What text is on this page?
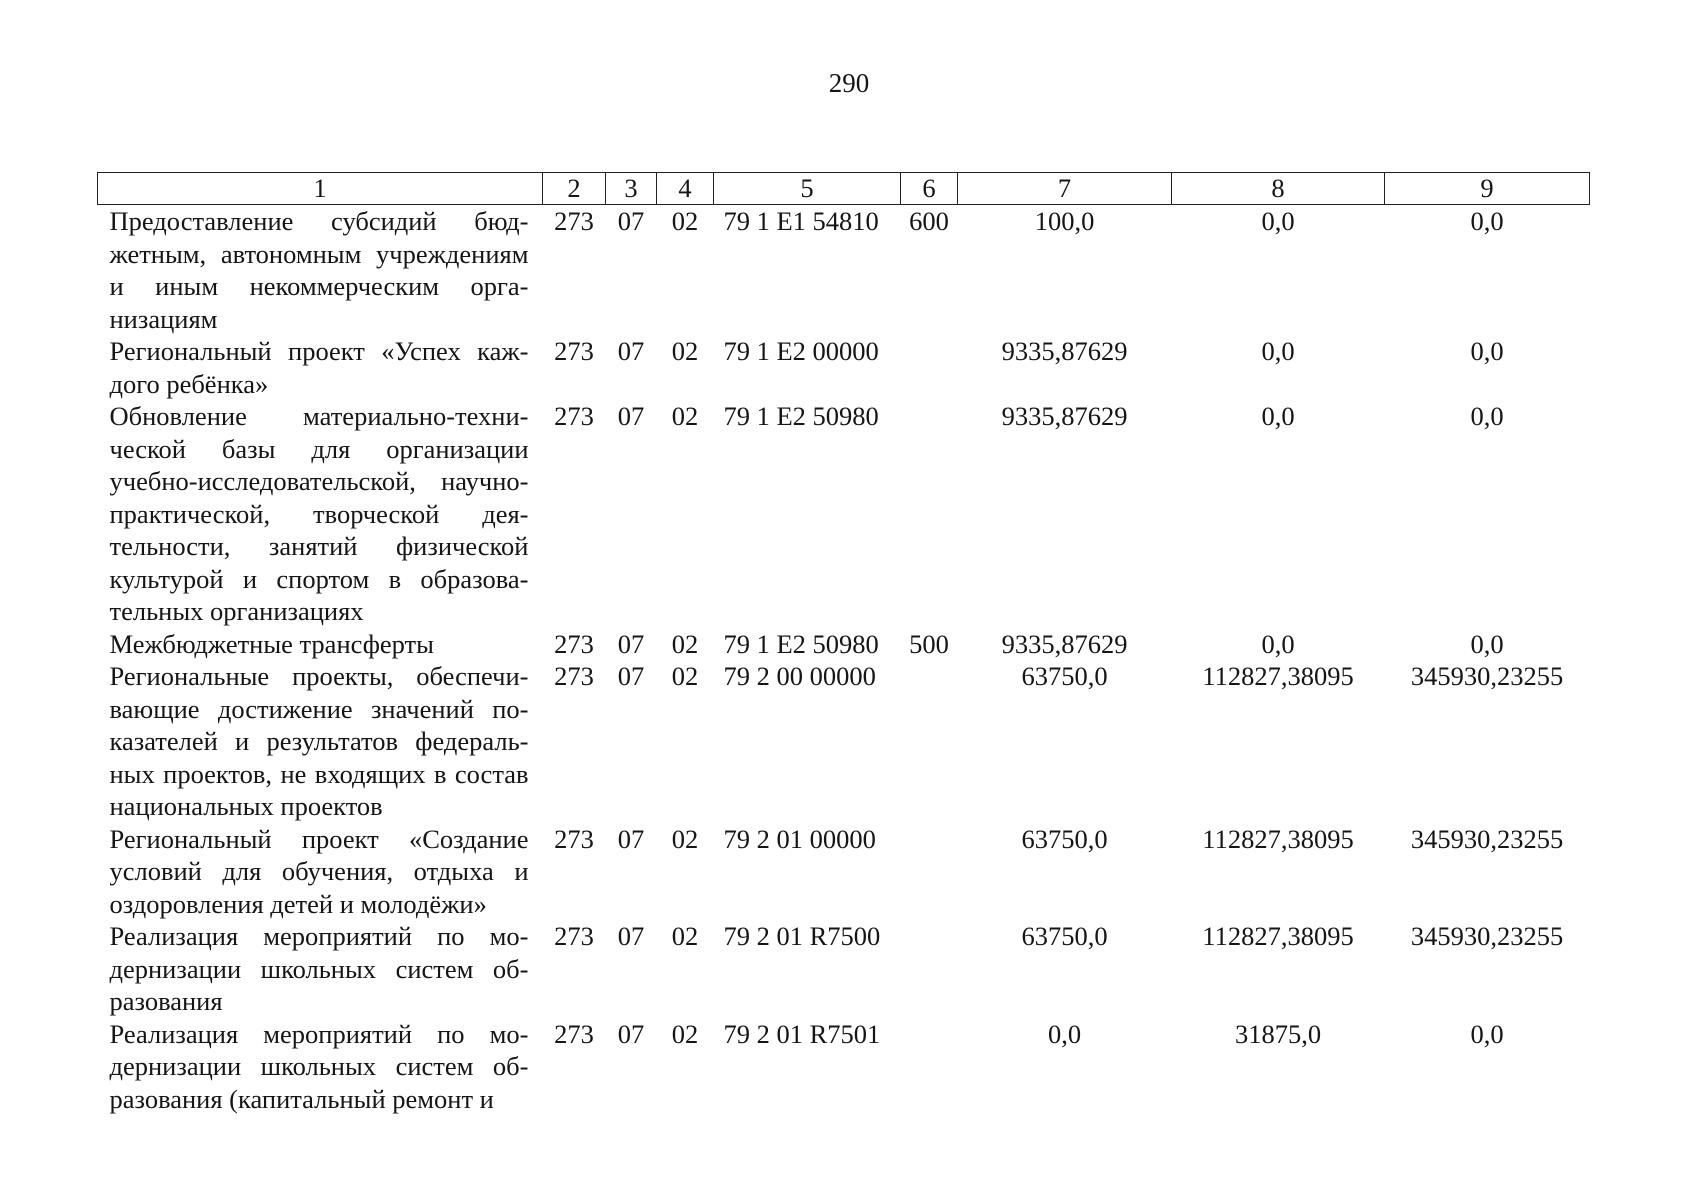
290
1	2	3	4	5	6	7	8	9
Предоставление субсидий бюджетным, автономным учреждениям и иным некоммерческим организациям	273	07	02	79 1 E1 54810	600	100,0	0,0	0,0
Региональный проект «Успех каждого ребёнка»	273	07	02	79 1 E2 00000		9335,87629	0,0	0,0
Обновление материально-технической базы для организации учебно-исследовательской, научно-практической, творческой деятельности, занятий физической культурой и спортом в образовательных организациях	273	07	02	79 1 E2 50980		9335,87629	0,0	0,0
Межбюджетные трансферты	273	07	02	79 1 E2 50980	500	9335,87629	0,0	0,0
Региональные проекты, обеспечивающие достижение значений показателей и результатов федеральных проектов, не входящих в состав национальных проектов	273	07	02	79 2 00 00000		63750,0	112827,38095	345930,23255
Региональный проект «Создание условий для обучения, отдыха и оздоровления детей и молодёжи»	273	07	02	79 2 01 00000		63750,0	112827,38095	345930,23255
Реализация мероприятий по модернизации школьных систем образования	273	07	02	79 2 01 R7500		63750,0	112827,38095	345930,23255
Реализация мероприятий по модернизации школьных систем образования (капитальный ремонт и	273	07	02	79 2 01 R7501		0,0	31875,0	0,0
